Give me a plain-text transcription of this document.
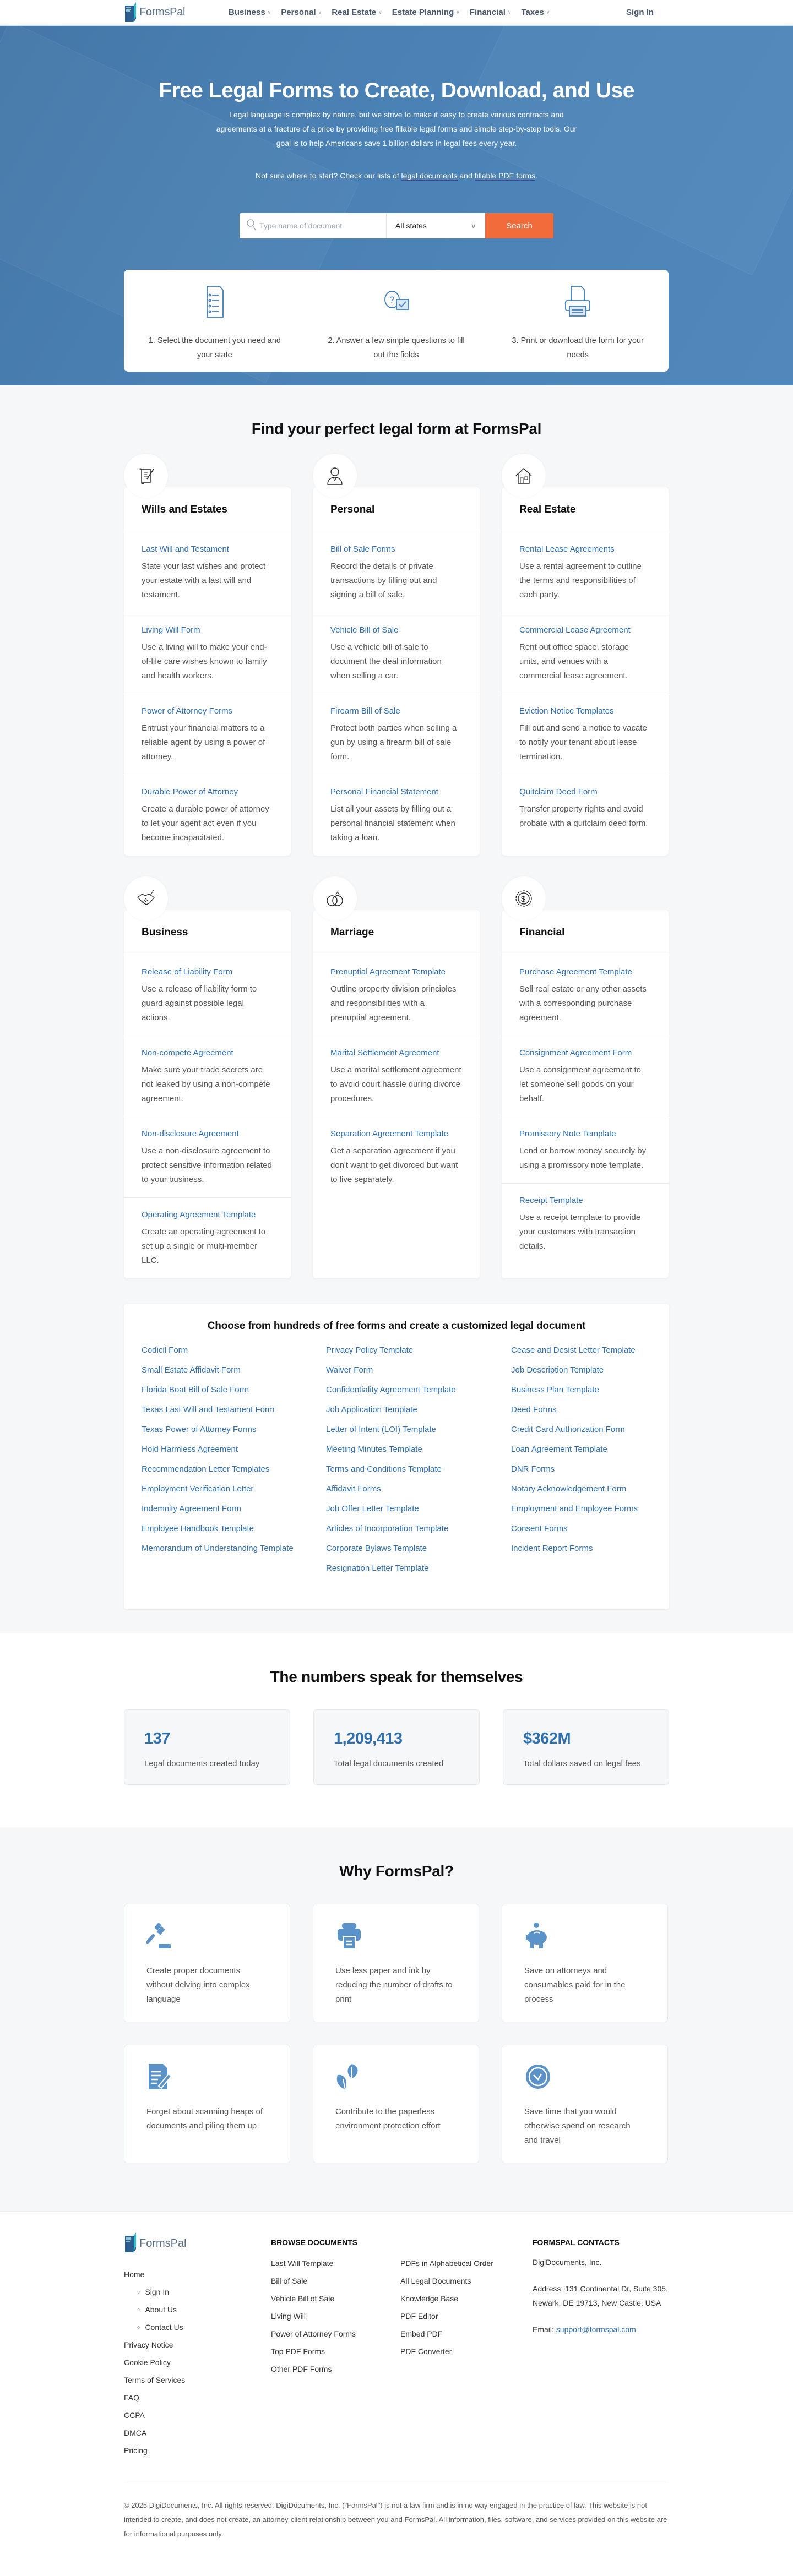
FormsPal	Business ∨ Personal ∨ Real Estate ∨ Estate Planning ∨ Financial ∨ Taxes ∨	Sign In
Free Legal Forms to Create, Download, and Use

Legal language is complex by nature, but we strive to make it easy to create various contracts and agreements at a fracture of a price by providing free fillable legal forms and simple step-by-step tools. Our goal is to help Americans save 1 billion dollars in legal fees every year.

Not sure where to start? Check our lists of legal documents and fillable PDF forms.

Type name of document
All states	∨	Search

1. Select the document you need and your state

?

2. Answer a few simple questions to fill out the fields

3. Print or download the form for your needs

Find your perfect legal form at FormsPal
Wills and Estates
Last Will and Testament

State your last wishes and protect your estate with a last will and testament.

Living Will Form

Use a living will to make your end-of-life care wishes known to family and health workers.

Power of Attorney Forms

Entrust your financial matters to a reliable agent by using a power of attorney.

Durable Power of Attorney

Create a durable power of attorney to let your agent act even if you become incapacitated.

Personal
Bill of Sale Forms

Record the details of private transactions by filling out and signing a bill of sale.

Vehicle Bill of Sale

Use a vehicle bill of sale to document the deal information when selling a car.

Firearm Bill of Sale

Protect both parties when selling a gun by using a firearm bill of sale form.

Personal Financial Statement

List all your assets by filling out a personal financial statement when taking a loan.

Real Estate
Rental Lease Agreements

Use a rental agreement to outline the terms and responsibilities of each party.

Commercial Lease Agreement

Rent out office space, storage units, and venues with a commercial lease agreement.

Eviction Notice Templates

Fill out and send a notice to vacate to notify your tenant about lease termination.

Quitclaim Deed Form

Transfer property rights and avoid probate with a quitclaim deed form.

Business
Release of Liability Form

Use a release of liability form to guard against possible legal actions.

Non-compete Agreement

Make sure your trade secrets are not leaked by using a non-compete agreement.

Non-disclosure Agreement

Use a non-disclosure agreement to protect sensitive information related to your business.

Operating Agreement Template

Create an operating agreement to set up a single or multi-member LLC.

Marriage
Prenuptial Agreement Template

Outline property division principles and responsibilities with a prenuptial agreement.

Marital Settlement Agreement

Use a marital settlement agreement to avoid court hassle during divorce procedures.

Separation Agreement Template

Get a separation agreement if you don't want to get divorced but want to live separately.

$
Financial
Purchase Agreement Template

Sell real estate or any other assets with a corresponding purchase agreement.

Consignment Agreement Form

Use a consignment agreement to let someone sell goods on your behalf.

Promissory Note Template

Lend or borrow money securely by using a promissory note template.

Receipt Template

Use a receipt template to provide your customers with transaction details.

Choose from hundreds of free forms and create a customized legal document
Codicil Form
Small Estate Affidavit Form
Florida Boat Bill of Sale Form
Texas Last Will and Testament Form
Texas Power of Attorney Forms
Hold Harmless Agreement
Recommendation Letter Templates
Employment Verification Letter
Indemnity Agreement Form
Employee Handbook Template
Memorandum of Understanding Template
Privacy Policy Template
Waiver Form
Confidentiality Agreement Template
Job Application Template
Letter of Intent (LOI) Template
Meeting Minutes Template
Terms and Conditions Template
Affidavit Forms
Job Offer Letter Template
Articles of Incorporation Template
Corporate Bylaws Template
Resignation Letter Template
Cease and Desist Letter Template
Job Description Template
Business Plan Template
Deed Forms
Credit Card Authorization Form
Loan Agreement Template
DNR Forms
Notary Acknowledgement Form
Employment and Employee Forms
Consent Forms
Incident Report Forms
The numbers speak for themselves
137
Legal documents created today
1,209,413
Total legal documents created
$362M
Total dollars saved on legal fees
Why FormsPal?

Create proper documents without delving into complex language

Use less paper and ink by reducing the number of drafts to print

Save on attorneys and consumables paid for in the process

Forget about scanning heaps of documents and piling them up

Contribute to the paperless environment protection effort

Save time that you would otherwise spend on research and travel

FormsPal
Home
○ Sign In
○ About Us
○ Contact Us
Privacy Notice
Cookie Policy
Terms of Services
FAQ
CCPA
DMCA
Pricing
BROWSE DOCUMENTS
Last Will Template
Bill of Sale
Vehicle Bill of Sale
Living Will
Power of Attorney Forms
Top PDF Forms
Other PDF Forms
PDFs in Alphabetical Order
All Legal Documents
Knowledge Base
PDF Editor
Embed PDF
PDF Converter
FORMSPAL CONTACTS

DigiDocuments, Inc.

Address: 131 Continental Dr, Suite 305, Newark, DE 19713, New Castle, USA

Email: support@formspal.com

© 2025 DigiDocuments, Inc. All rights reserved. DigiDocuments, Inc. ("FormsPal") is not a law firm and is in no way engaged in the practice of law. This website is not intended to create, and does not create, an attorney-client relationship between you and FormsPal. All information, files, software, and services provided on this website are for informational purposes only.
